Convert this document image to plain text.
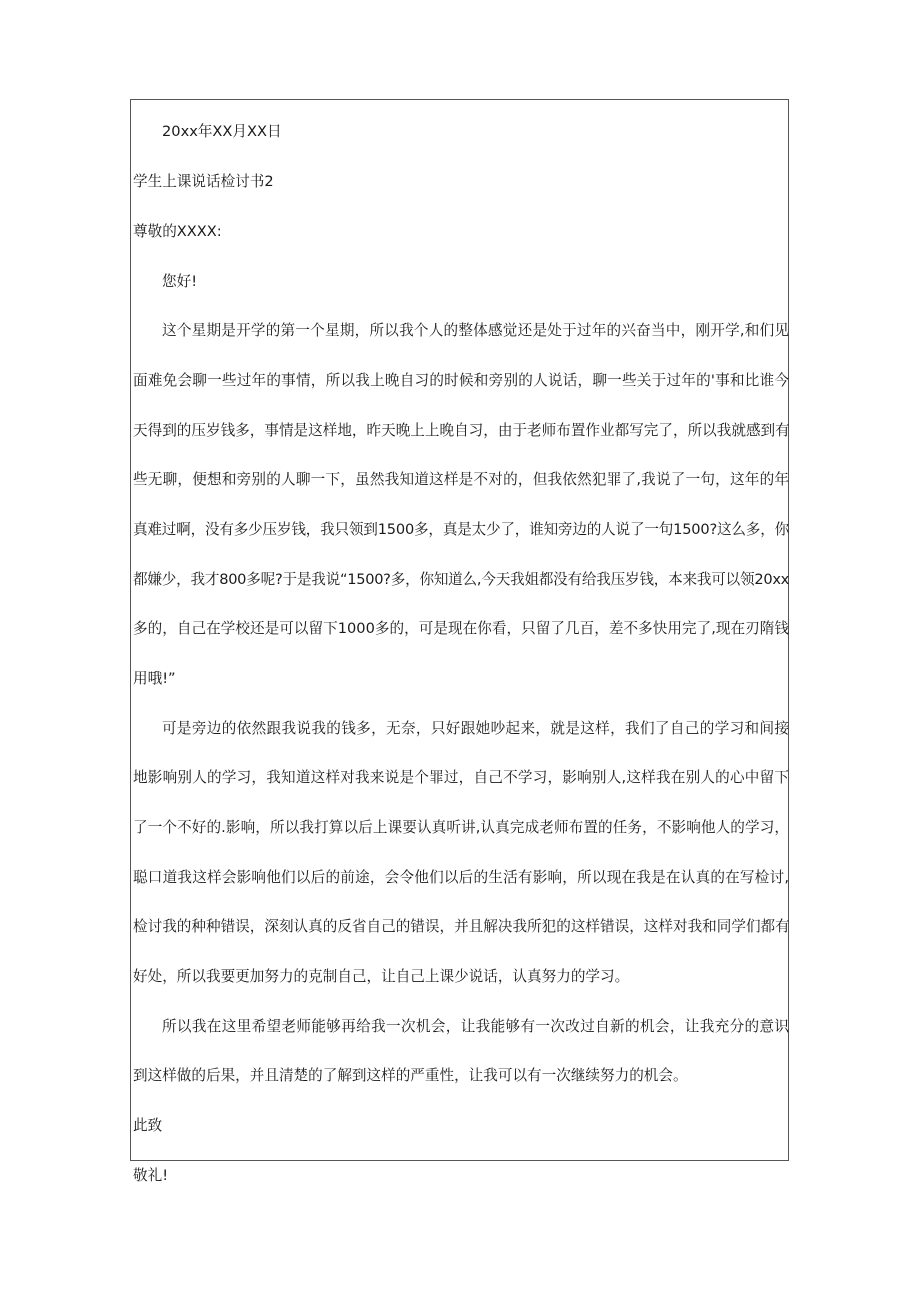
20xx年XX月XX日
学生上课说话检讨书2
尊敬的XXXX:
您好!
这个星期是开学的第一个星期，所以我个人的整体感觉还是处于过年的兴奋当中，刚开学,和们见
面难免会聊一些过年的事情，所以我上晚自习的时候和旁别的人说话，聊一些关于过年的'事和比谁今
天得到的压岁钱多，事情是这样地，昨天晚上上晚自习，由于老师布置作业都写完了，所以我就感到有
些无聊，便想和旁别的人聊一下，虽然我知道这样是不对的，但我依然犯罪了,我说了一句，这年的年
真难过啊，没有多少压岁钱，我只领到1500多，真是太少了，谁知旁边的人说了一句1500?这么多，你
都嫌少，我才800多呢?于是我说“1500?多，你知道么,今天我姐都没有给我压岁钱，本来我可以领20xx
多的，自己在学校还是可以留下1000多的，可是现在你看，只留了几百，差不多快用完了,现在刃隋钱
用哦!”
可是旁边的依然跟我说我的钱多，无奈，只好跟她吵起来，就是这样，我们了自己的学习和间接
地影响别人的学习，我知道这样对我来说是个罪过，自己不学习，影响别人,这样我在别人的心中留下
了一个不好的.影响，所以我打算以后上课要认真听讲,认真完成老师布置的任务，不影响他人的学习，
聪口道我这样会影响他们以后的前途，会令他们以后的生活有影响，所以现在我是在认真的在写检讨,
检讨我的种种错误，深刻认真的反省自己的错误，并且解决我所犯的这样错误，这样对我和同学们都有
好处，所以我要更加努力的克制自己，让自己上课少说话，认真努力的学习。
所以我在这里希望老师能够再给我一次机会，让我能够有一次改过自新的机会，让我充分的意识
到这样做的后果，并且清楚的了解到这样的严重性，让我可以有一次继续努力的机会。
此致
敬礼!
